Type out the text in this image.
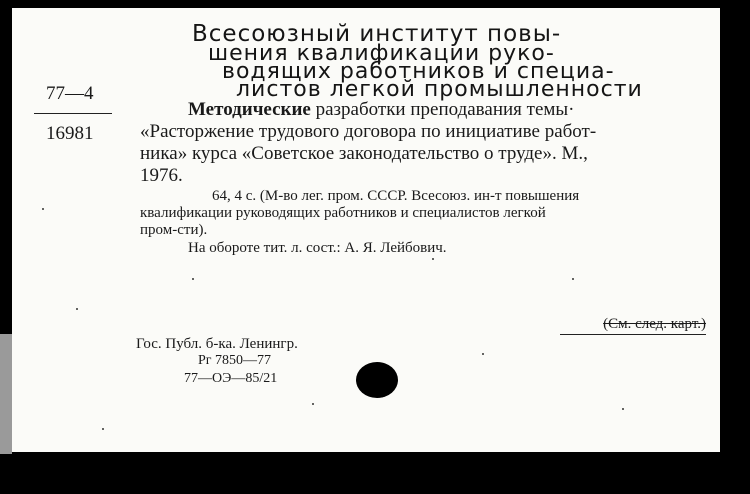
Всесоюзный институт повы-
шения квалификации руко-
водящих работников и специа-
листов легкой промышленности
77—4
16981
Методические разработки преподавания темы·
«Расторжение трудового договора по инициативе работ-
ника» курса «Советское законодательство о труде». М.,
1976.
64, 4 с. (М-во лег. пром. СССР. Всесоюз. ин-т повышения
квалификации руководящих работников и специалистов легкой
пром-сти).
На обороте тит. л. сост.: А. Я. Лейбович.
(См. след. карт.)
Гос. Публ. б-ка. Ленингр.
Рг 7850—77
77—ОЭ—85/21
